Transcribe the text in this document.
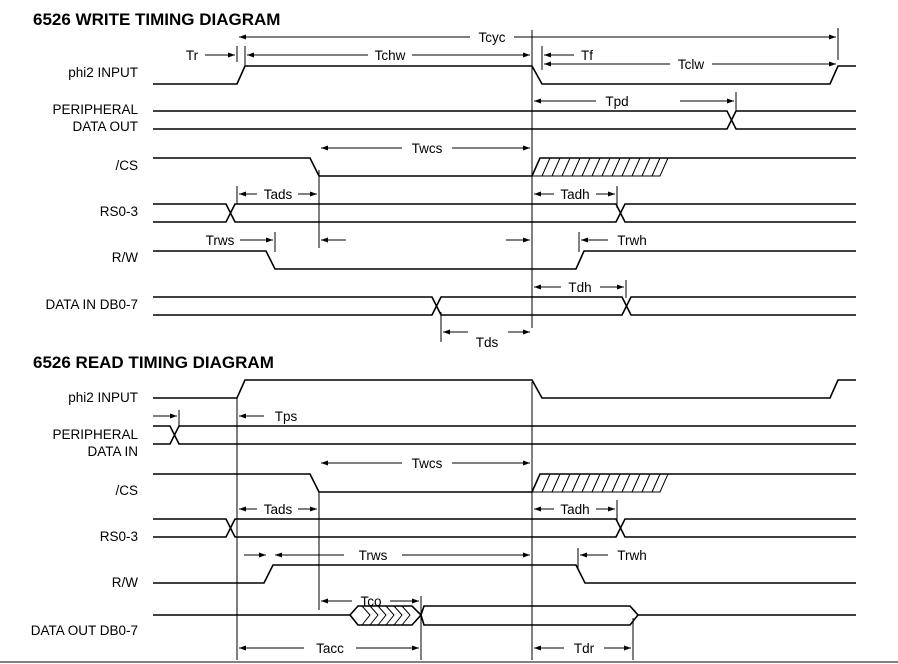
6526 WRITE TIMING DIAGRAM
phi2 INPUT
PERIPHERAL
DATA OUT
/CS
RS0-3
R/W
DATA IN DB0-7
Tr
Tcyc
Tchw	Tf
Tclw
Tpd
Twcs
Tads	Tadh
Trws	Trwh
Tdh
Tds
6526 READ TIMING DIAGRAM
phi2 INPUT
PERIPHERAL
DATA IN
/CS
RS0-3
R/W
DATA OUT DB0-7
Tps
Twcs
Tads	Tadh
Trws	Trwh
Tco
Tacc	Tdr
